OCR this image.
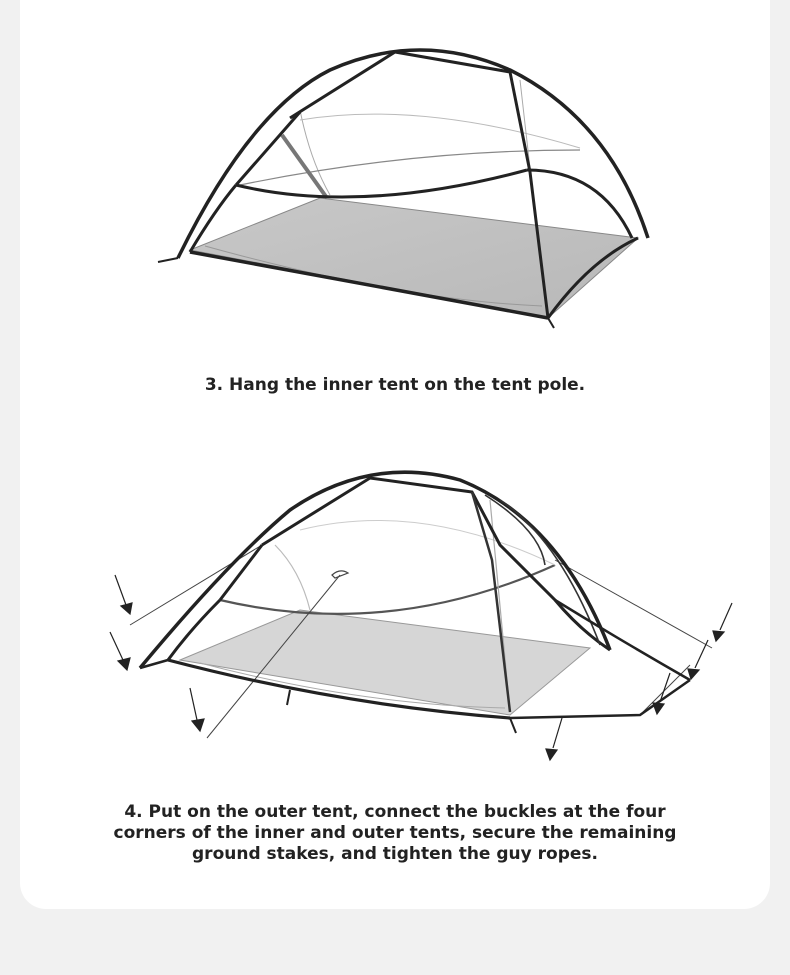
3. Hang the inner tent on the tent pole.
4. Put on the outer tent, connect the buckles at the four
corners of the inner and outer tents, secure the remaining
ground stakes, and tighten the guy ropes.
